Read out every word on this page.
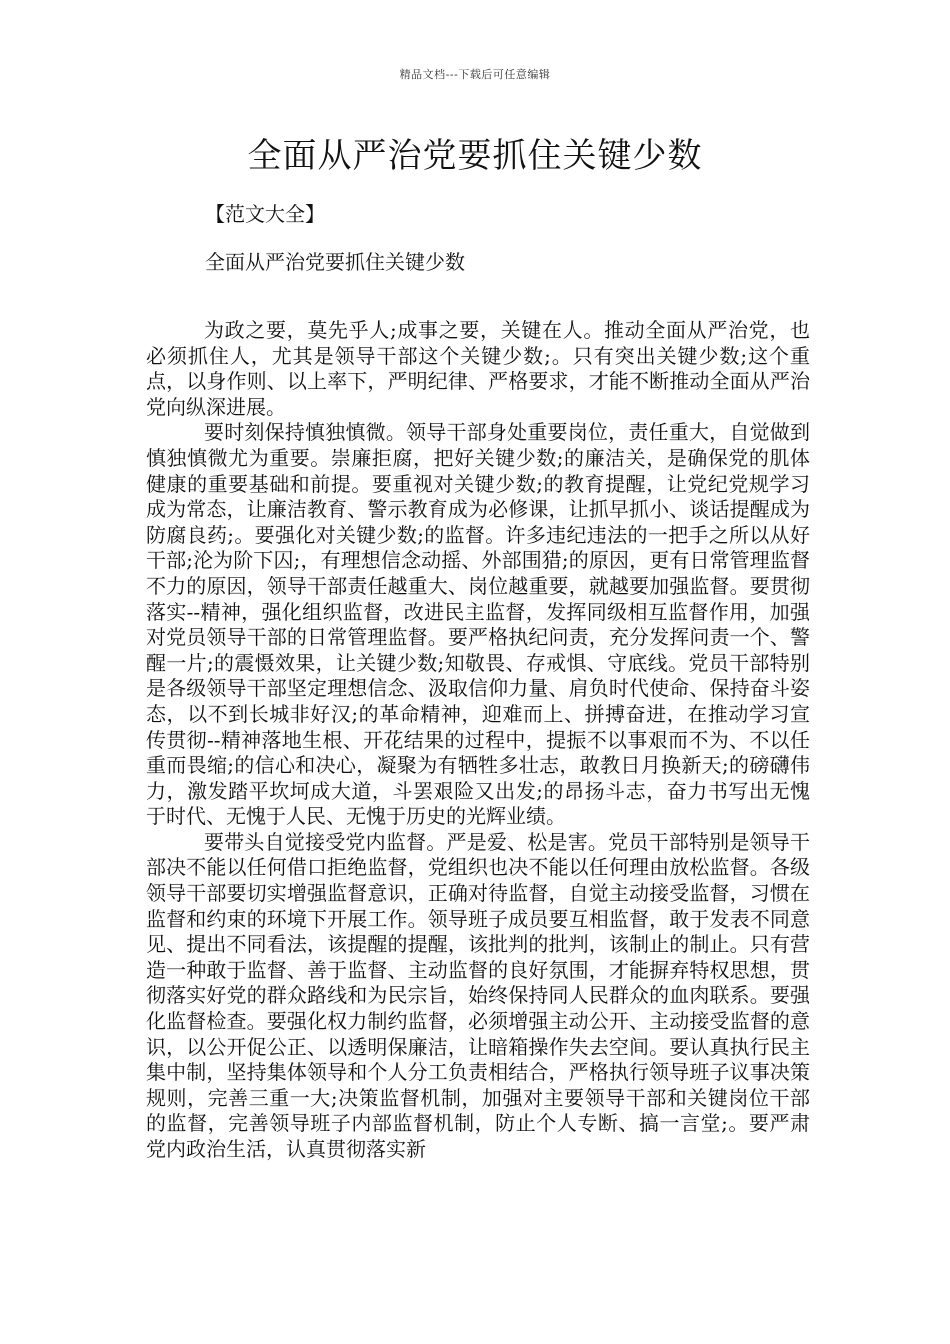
精品文档---下载后可任意编辑
全面从严治党要抓住关键少数
【范文大全】
全面从严治党要抓住关键少数

为政之要，莫先乎人;成事之要，关键在人。推动全面从严治党，也必须抓住人，尤其是领导干部这个关键少数;。只有突出关键少数;这个重点，以身作则、以上率下，严明纪律、严格要求，才能不断推动全面从严治党向纵深进展。

要时刻保持慎独慎微。领导干部身处重要岗位，责任重大，自觉做到慎独慎微尤为重要。崇廉拒腐，把好关键少数;的廉洁关，是确保党的肌体健康的重要基础和前提。要重视对关键少数;的教育提醒，让党纪党规学习成为常态，让廉洁教育、警示教育成为必修课，让抓早抓小、谈话提醒成为防腐良药;。要强化对关键少数;的监督。许多违纪违法的一把手之所以从好干部;沦为阶下囚;，有理想信念动摇、外部围猎;的原因，更有日常管理监督不力的原因，领导干部责任越重大、岗位越重要，就越要加强监督。要贯彻落实--精神，强化组织监督，改进民主监督，发挥同级相互监督作用，加强对党员领导干部的日常管理监督。要严格执纪问责，充分发挥问责一个、警醒一片;的震慑效果，让关键少数;知敬畏、存戒惧、守底线。党员干部特别是各级领导干部坚定理想信念、汲取信仰力量、肩负时代使命、保持奋斗姿态，以不到长城非好汉;的革命精神，迎难而上、拼搏奋进，在推动学习宣传贯彻--精神落地生根、开花结果的过程中，提振不以事艰而不为、不以任重而畏缩;的信心和决心，凝聚为有牺牲多壮志，敢教日月换新天;的磅礴伟力，激发踏平坎坷成大道，斗罢艰险又出发;的昂扬斗志，奋力书写出无愧于时代、无愧于人民、无愧于历史的光辉业绩。

要带头自觉接受党内监督。严是爱、松是害。党员干部特别是领导干部决不能以任何借口拒绝监督，党组织也决不能以任何理由放松监督。各级领导干部要切实增强监督意识，正确对待监督，自觉主动接受监督，习惯在监督和约束的环境下开展工作。领导班子成员要互相监督，敢于发表不同意见、提出不同看法，该提醒的提醒，该批判的批判，该制止的制止。只有营造一种敢于监督、善于监督、主动监督的良好氛围，才能摒弃特权思想，贯彻落实好党的群众路线和为民宗旨，始终保持同人民群众的血肉联系。要强化监督检查。要强化权力制约监督，必须增强主动公开、主动接受监督的意识，以公开促公正、以透明保廉洁，让暗箱操作失去空间。要认真执行民主集中制，坚持集体领导和个人分工负责相结合，严格执行领导班子议事决策规则，完善三重一大;决策监督机制，加强对主要领导干部和关键岗位干部的监督，完善领导班子内部监督机制，防止个人专断、搞一言堂;。要严肃党内政治生活，认真贯彻落实新
